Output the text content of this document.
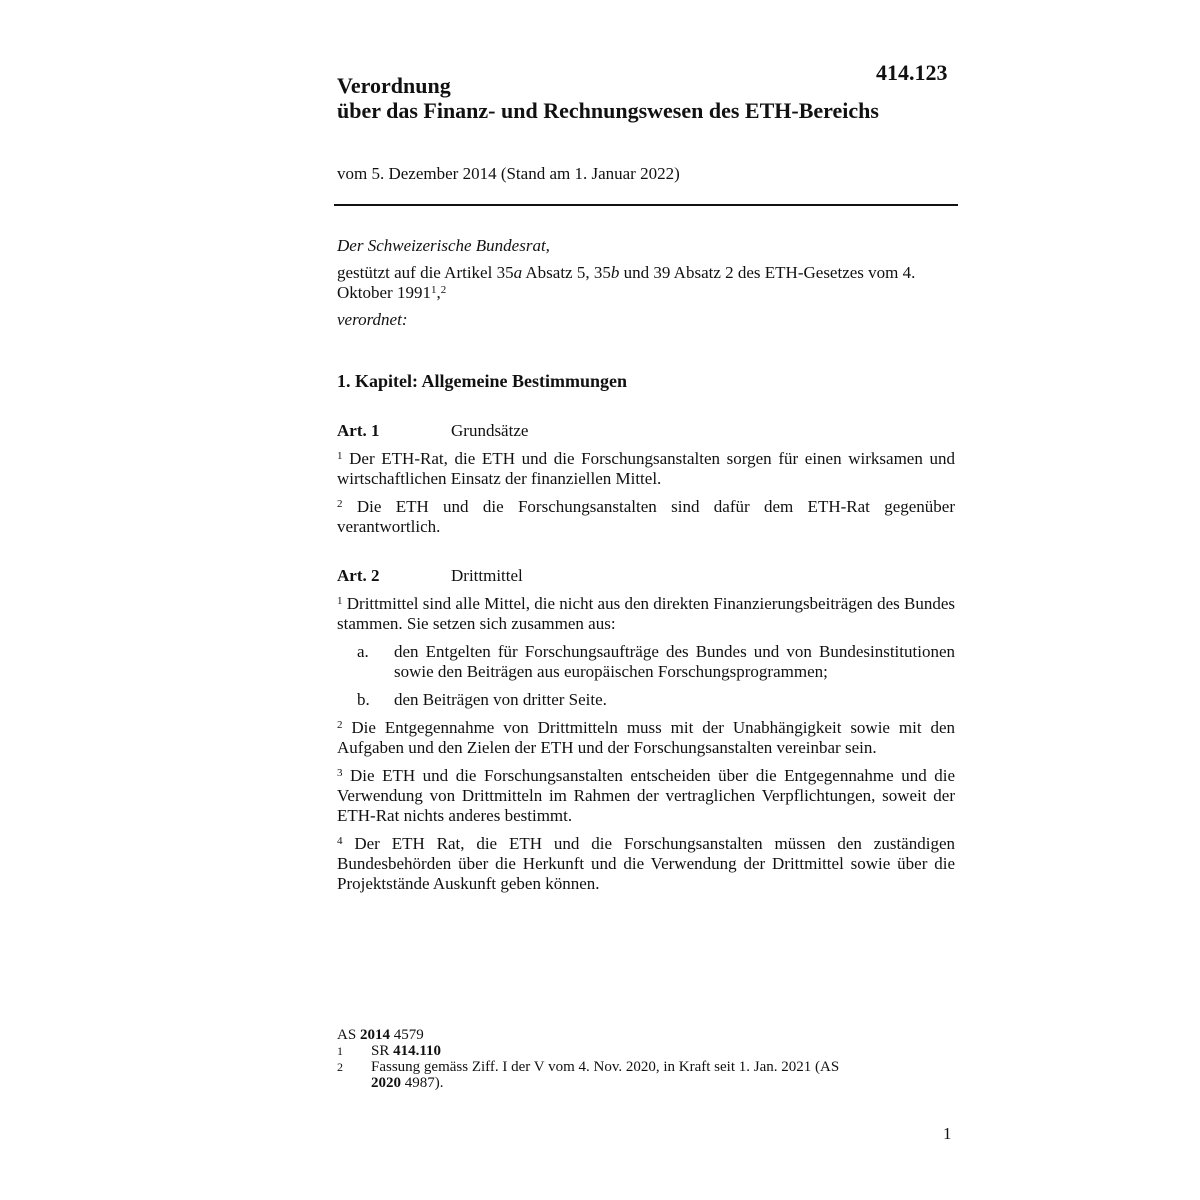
414.123
Verordnung
über das Finanz- und Rechnungswesen des ETH-Bereichs
vom 5. Dezember 2014 (Stand am 1. Januar 2022)
Der Schweizerische Bundesrat,
gestützt auf die Artikel 35a Absatz 5, 35b und 39 Absatz 2 des ETH-Gesetzes vom 4. Oktober 1991$^1$,$^2$
verordnet:
1. Kapitel: Allgemeine Bestimmungen
Art. 1	Grundsätze
$^1$ Der ETH-Rat, die ETH und die Forschungsanstalten sorgen für einen wirksamen und wirtschaftlichen Einsatz der finanziellen Mittel.
$^2$ Die ETH und die Forschungsanstalten sind dafür dem ETH-Rat gegenüber verantwortlich.
Art. 2	Drittmittel
$^1$ Drittmittel sind alle Mittel, die nicht aus den direkten Finanzierungsbeiträgen des Bundes stammen. Sie setzen sich zusammen aus:
a.	den Entgelten für Forschungsaufträge des Bundes und von Bundesinstitutionen sowie den Beiträgen aus europäischen Forschungsprogrammen;
b.	den Beiträgen von dritter Seite.
$^2$ Die Entgegennahme von Drittmitteln muss mit der Unabhängigkeit sowie mit den Aufgaben und den Zielen der ETH und der Forschungsanstalten vereinbar sein.
$^3$ Die ETH und die Forschungsanstalten entscheiden über die Entgegennahme und die Verwendung von Drittmitteln im Rahmen der vertraglichen Verpflichtungen, soweit der ETH-Rat nichts anderes bestimmt.
$^4$ Der ETH Rat, die ETH und die Forschungsanstalten müssen den zuständigen Bundesbehörden über die Herkunft und die Verwendung der Drittmittel sowie über die Projektstände Auskunft geben können.
AS 2014 4579
1	SR 414.110
2	Fassung gemäss Ziff. I der V vom 4. Nov. 2020, in Kraft seit 1. Jan. 2021 (AS 2020 4987).
1
